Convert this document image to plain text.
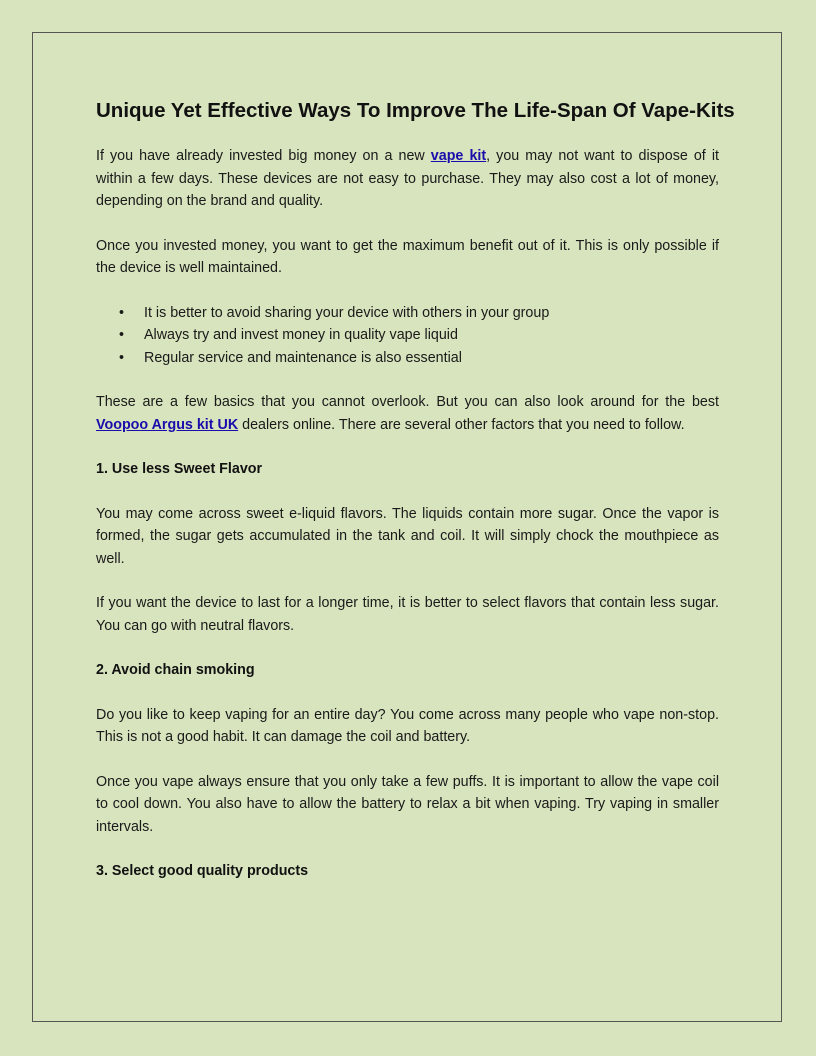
Unique Yet Effective Ways To Improve The Life-Span Of Vape-Kits

If you have already invested big money on a new vape kit, you may not want to dispose of it within a few days. These devices are not easy to purchase. They may also cost a lot of money, depending on the brand and quality.

Once you invested money, you want to get the maximum benefit out of it. This is only possible if the device is well maintained.

• It is better to avoid sharing your device with others in your group
• Always try and invest money in quality vape liquid
• Regular service and maintenance is also essential

These are a few basics that you cannot overlook. But you can also look around for the best Voopoo Argus kit UK dealers online. There are several other factors that you need to follow.

1. Use less Sweet Flavor

You may come across sweet e-liquid flavors. The liquids contain more sugar. Once the vapor is formed, the sugar gets accumulated in the tank and coil. It will simply chock the mouthpiece as well.

If you want the device to last for a longer time, it is better to select flavors that contain less sugar. You can go with neutral flavors.

2. Avoid chain smoking

Do you like to keep vaping for an entire day? You come across many people who vape non-stop. This is not a good habit. It can damage the coil and battery.

Once you vape always ensure that you only take a few puffs. It is important to allow the vape coil to cool down. You also have to allow the battery to relax a bit when vaping. Try vaping in smaller intervals.

3. Select good quality products
